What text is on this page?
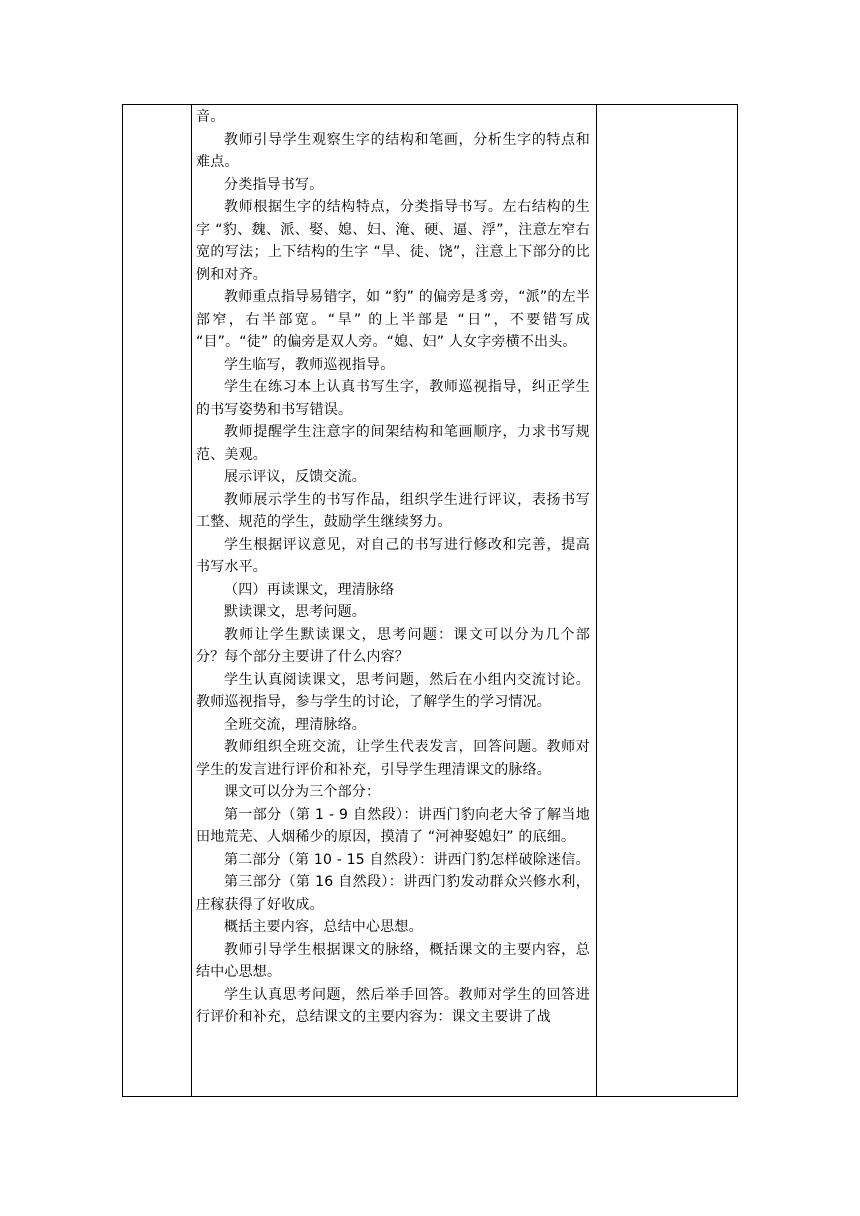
音。

教师引导学生观察生字的结构和笔画，分析生字的特点和难点。

分类指导书写。

教师根据生字的结构特点，分类指导书写。左右结构的生字 “豹、魏、派、娶、媳、妇、淹、硬、逼、浮”，注意左窄右宽的写法；上下结构的生字 “旱、徒、饶”，注意上下部分的比例和对齐。

教师重点指导易错字，如 “豹” 的偏旁是豸旁，“派”的左半部窄，右半部宽。“旱” 的上半部是 “日”，不要错写成 “目”。“徒” 的偏旁是双人旁。“媳、妇” 人女字旁横不出头。

学生临写，教师巡视指导。

学生在练习本上认真书写生字，教师巡视指导，纠正学生的书写姿势和书写错误。

教师提醒学生注意字的间架结构和笔画顺序，力求书写规范、美观。

展示评议，反馈交流。

教师展示学生的书写作品，组织学生进行评议，表扬书写工整、规范的学生，鼓励学生继续努力。

学生根据评议意见，对自己的书写进行修改和完善，提高书写水平。

（四）再读课文，理清脉络

默读课文，思考问题。

教师让学生默读课文，思考问题：课文可以分为几个部分？每个部分主要讲了什么内容？

学生认真阅读课文，思考问题，然后在小组内交流讨论。教师巡视指导，参与学生的讨论，了解学生的学习情况。

全班交流，理清脉络。

教师组织全班交流，让学生代表发言，回答问题。教师对学生的发言进行评价和补充，引导学生理清课文的脉络。

课文可以分为三个部分：

第一部分（第 1 - 9 自然段）：讲西门豹向老大爷了解当地田地荒芜、人烟稀少的原因，摸清了 “河神娶媳妇” 的底细。

第二部分（第 10 - 15 自然段）：讲西门豹怎样破除迷信。

第三部分（第 16 自然段）：讲西门豹发动群众兴修水利，庄稼获得了好收成。

概括主要内容，总结中心思想。

教师引导学生根据课文的脉络，概括课文的主要内容，总结中心思想。

学生认真思考问题，然后举手回答。教师对学生的回答进行评价和补充，总结课文的主要内容为：课文主要讲了战
